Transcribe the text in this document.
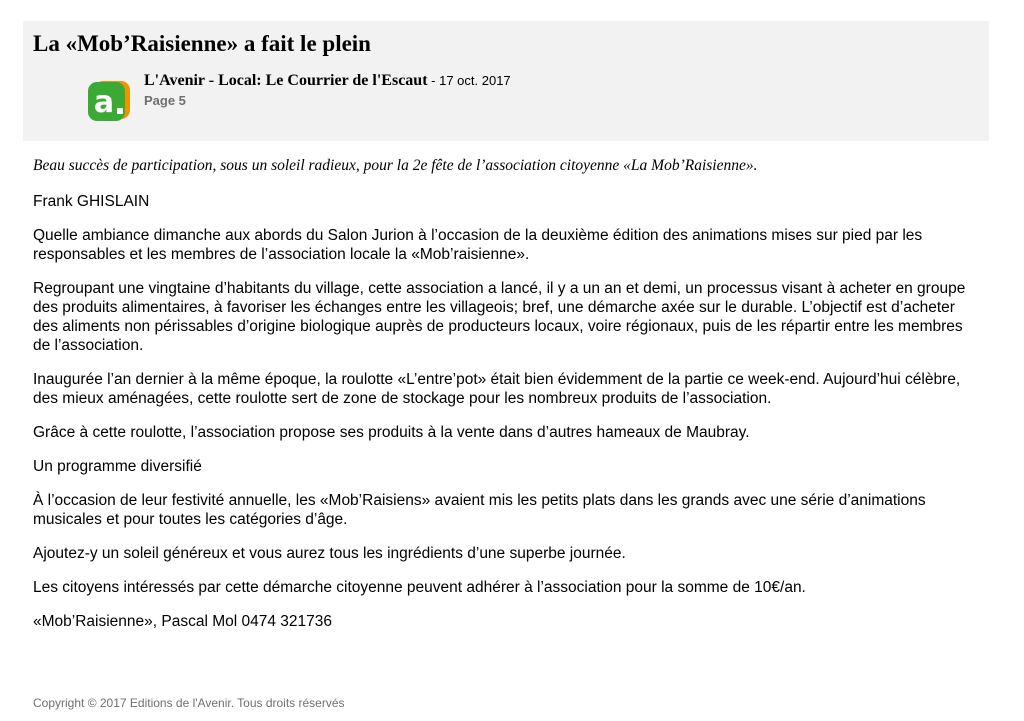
La «Mob’Raisienne» a fait le plein
a
L'Avenir - Local: Le Courrier de l'Escaut - 17 oct. 2017
Page 5

Beau succès de participation, sous un soleil radieux, pour la 2e fête de l’association citoyenne «La Mob’Raisienne».

Frank GHISLAIN

Quelle ambiance dimanche aux abords du Salon Jurion à l’occasion de la deuxième édition des animations mises sur pied par les responsables et les membres de l’association locale la «Mob’raisienne».

Regroupant une vingtaine d’habitants du village, cette association a lancé, il y a un an et demi, un processus visant à acheter en groupe des produits alimentaires, à favoriser les échanges entre les villageois; bref, une démarche axée sur le durable. L’objectif est d’acheter des aliments non périssables d’origine biologique auprès de producteurs locaux, voire régionaux, puis de les répartir entre les membres de l’association.

Inaugurée l’an dernier à la même époque, la roulotte «L’entre’pot» était bien évidemment de la partie ce week-end. Aujourd’hui célèbre, des mieux aménagées, cette roulotte sert de zone de stockage pour les nombreux produits de l’association.

Grâce à cette roulotte, l’association propose ses produits à la vente dans d’autres hameaux de Maubray.

Un programme diversifié

À l’occasion de leur festivité annuelle, les «Mob’Raisiens» avaient mis les petits plats dans les grands avec une série d’animations musicales et pour toutes les catégories d’âge.

Ajoutez-y un soleil généreux et vous aurez tous les ingrédients d’une superbe journée.

Les citoyens intéressés par cette démarche citoyenne peuvent adhérer à l’association pour la somme de 10€/an.

«Mob’Raisienne», Pascal Mol 0474 321736

Copyright © 2017 Editions de l'Avenir. Tous droits réservés
